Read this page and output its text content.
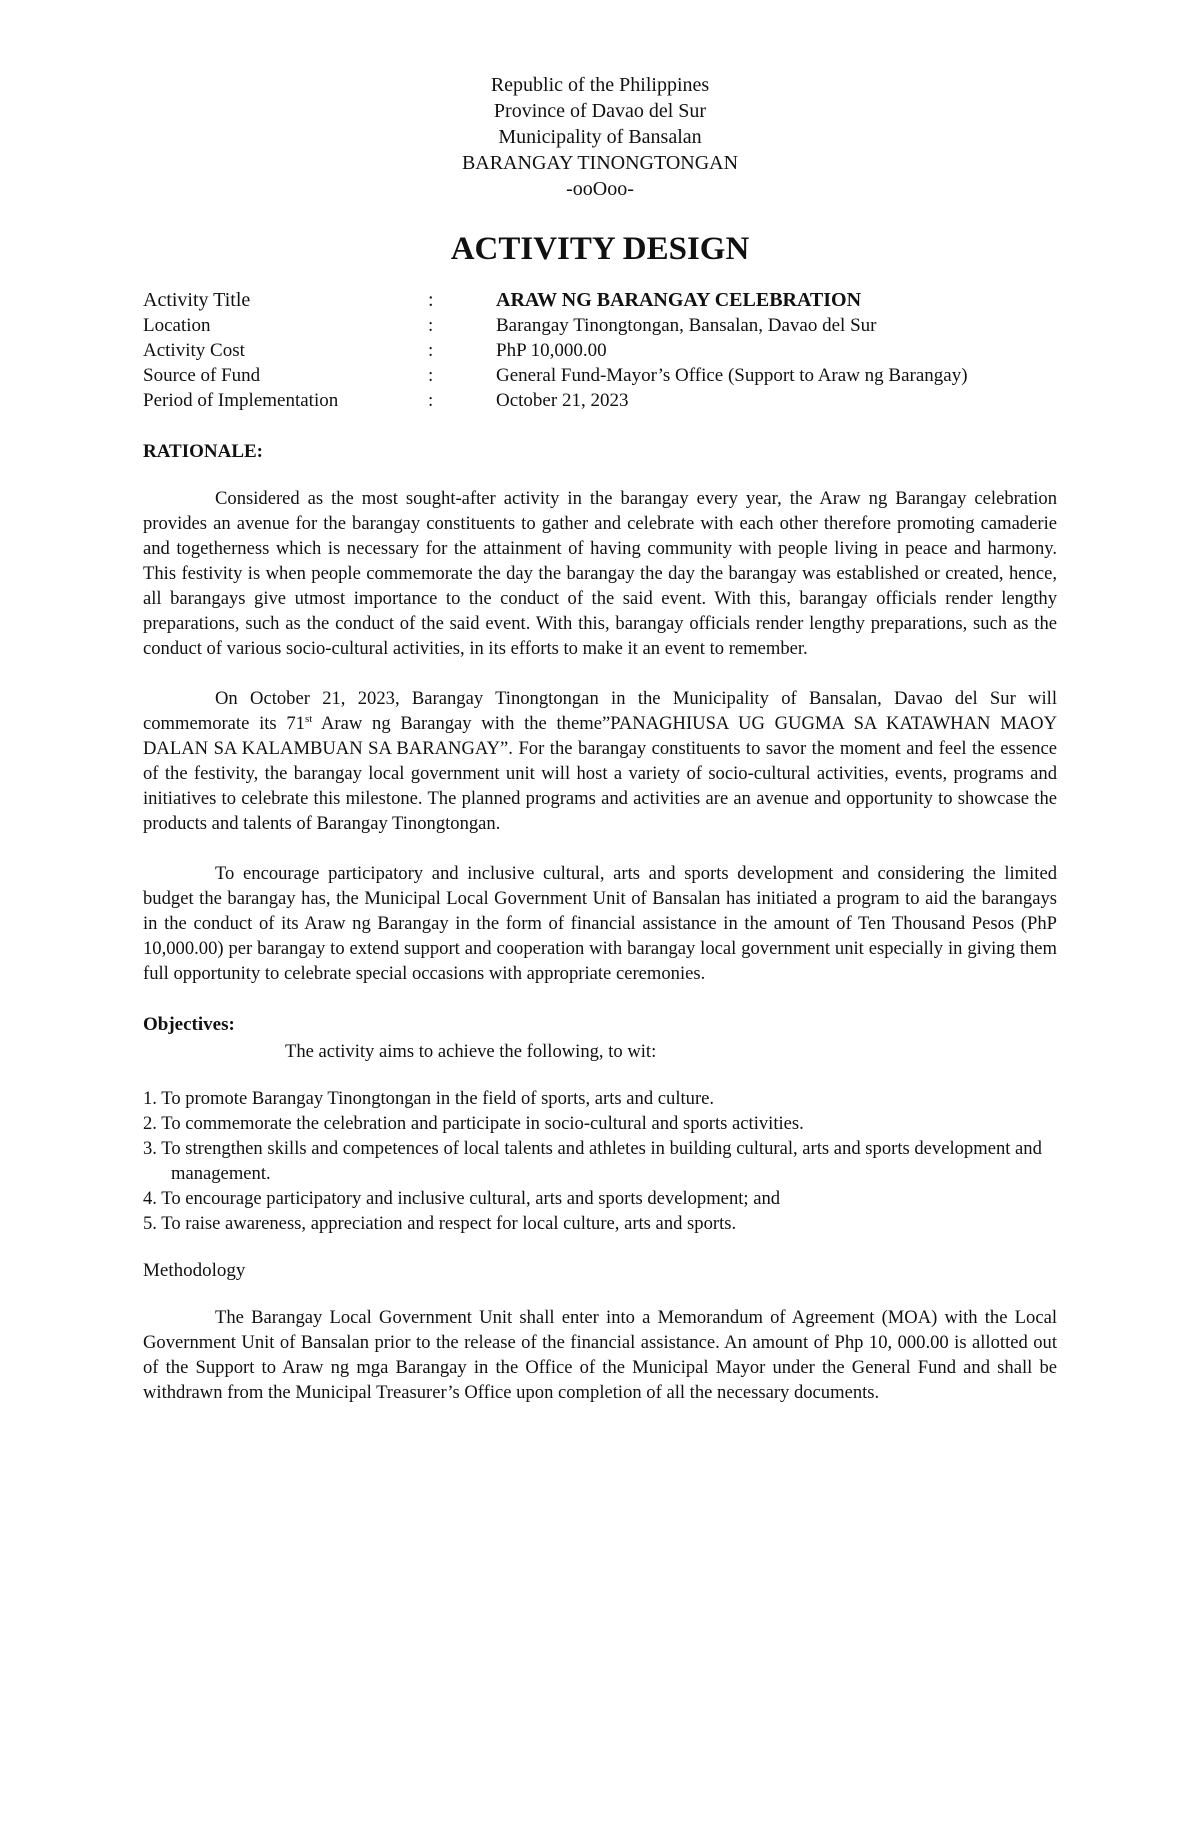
Republic of the Philippines
Province of Davao del Sur
Municipality of Bansalan
BARANGAY TINONGTONGAN
-ooOoo-
ACTIVITY DESIGN
Activity Title	:	ARAW NG BARANGAY CELEBRATION
Location	:	Barangay Tinongtongan, Bansalan, Davao del Sur
Activity Cost	:	PhP 10,000.00
Source of Fund	:	General Fund-Mayor’s Office (Support to Araw ng Barangay)
Period of Implementation	:	October 21, 2023
RATIONALE:

Considered as the most sought-after activity in the barangay every year, the Araw ng Barangay celebration provides an avenue for the barangay constituents to gather and celebrate with each other therefore promoting camaderie and togetherness which is necessary for the attainment of having community with people living in peace and harmony. This festivity is when people commemorate the day the barangay the day the barangay was established or created, hence, all barangays give utmost importance to the conduct of the said event. With this, barangay officials render lengthy preparations, such as the conduct of the said event. With this, barangay officials render lengthy preparations, such as the conduct of various socio-cultural activities, in its efforts to make it an event to remember.

On October 21, 2023, Barangay Tinongtongan in the Municipality of Bansalan, Davao del Sur will commemorate its 71st Araw ng Barangay with the theme”PANAGHIUSA UG GUGMA SA KATAWHAN MAOY DALAN SA KALAMBUAN SA BARANGAY”. For the barangay constituents to savor the moment and feel the essence of the festivity, the barangay local government unit will host a variety of socio-cultural activities, events, programs and initiatives to celebrate this milestone. The planned programs and activities are an avenue and opportunity to showcase the products and talents of Barangay Tinongtongan.

To encourage participatory and inclusive cultural, arts and sports development and considering the limited budget the barangay has, the Municipal Local Government Unit of Bansalan has initiated a program to aid the barangays in the conduct of its Araw ng Barangay in the form of financial assistance in the amount of Ten Thousand Pesos (PhP 10,000.00) per barangay to extend support and cooperation with barangay local government unit especially in giving them full opportunity to celebrate special occasions with appropriate ceremonies.

Objectives:
The activity aims to achieve the following, to wit:
1. To promote Barangay Tinongtongan in the field of sports, arts and culture.
2. To commemorate the celebration and participate in socio-cultural and sports activities.
3. To strengthen skills and competences of local talents and athletes in building cultural, arts and sports development and management.
4. To encourage participatory and inclusive cultural, arts and sports development; and
5. To raise awareness, appreciation and respect for local culture, arts and sports.
Methodology

The Barangay Local Government Unit shall enter into a Memorandum of Agreement (MOA) with the Local Government Unit of Bansalan prior to the release of the financial assistance. An amount of Php 10, 000.00 is allotted out of the Support to Araw ng mga Barangay in the Office of the Municipal Mayor under the General Fund and shall be withdrawn from the Municipal Treasurer’s Office upon completion of all the necessary documents.
